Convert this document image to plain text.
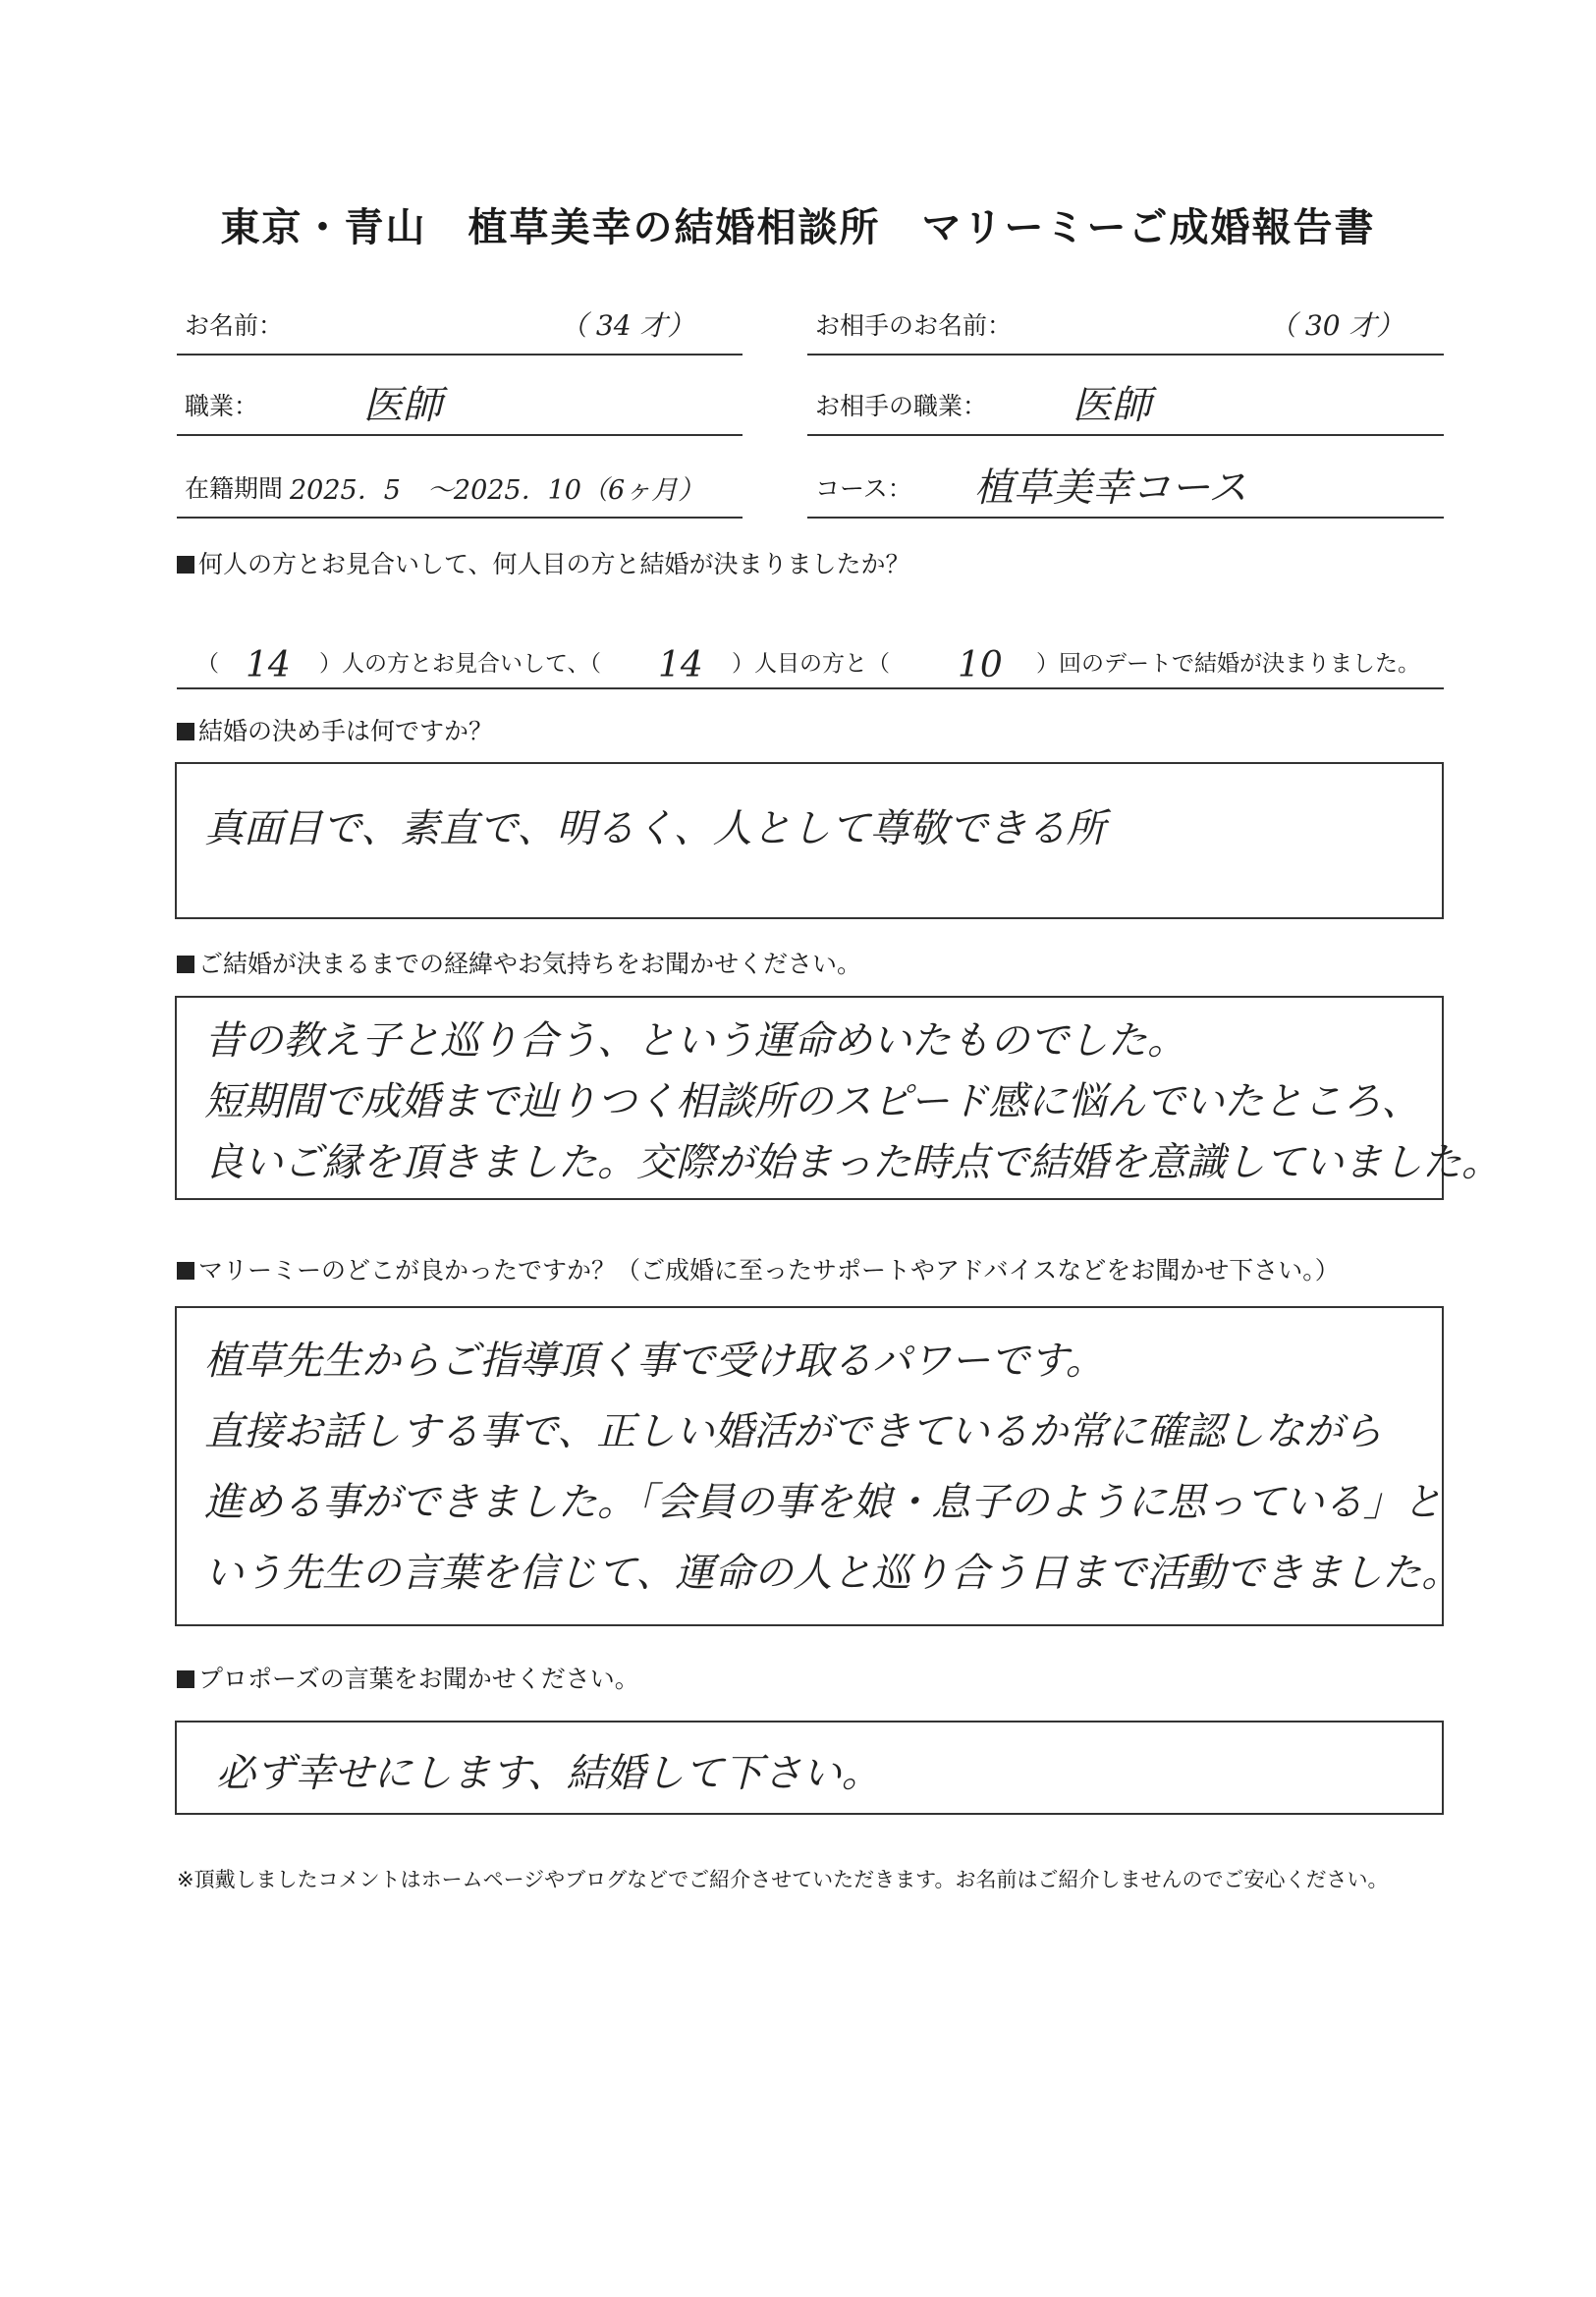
東京・青山　植草美幸の結婚相談所　マリーミーご成婚報告書
お名前：	（ 34 才）	お相手のお名前：	（ 30 才）
職業：	医師	お相手の職業： 医師
在籍期間 2025．5　～2025．10（6ヶ月）	コース： 植草美幸コース
何人の方とお見合いして、何人目の方と結婚が決まりましたか？
（ 14 ）人の方とお見合いして、（ 14 ）人目の方と（ 10 ）回のデートで結婚が決まりました。
結婚の決め手は何ですか？
真面目で、素直で、明るく、人として尊敬できる所
ご結婚が決まるまでの経緯やお気持ちをお聞かせください。
昔の教え子と巡り合う、という運命めいたものでした。
短期間で成婚まで辿りつく相談所のスピード感に悩んでいたところ、
良いご縁を頂きました。交際が始まった時点で結婚を意識していました。
マリーミーのどこが良かったですか？（ご成婚に至ったサポートやアドバイスなどをお聞かせ下さい。）
植草先生からご指導頂く事で受け取るパワーです。
直接お話しする事で、正しい婚活ができているか常に確認しながら
進める事ができました。「会員の事を娘・息子のように思っている」と
いう先生の言葉を信じて、運命の人と巡り合う日まで活動できました。
プロポーズの言葉をお聞かせください。
必ず幸せにします、結婚して下さい。
※頂戴しましたコメントはホームページやブログなどでご紹介させていただきます。お名前はご紹介しませんのでご安心ください。
